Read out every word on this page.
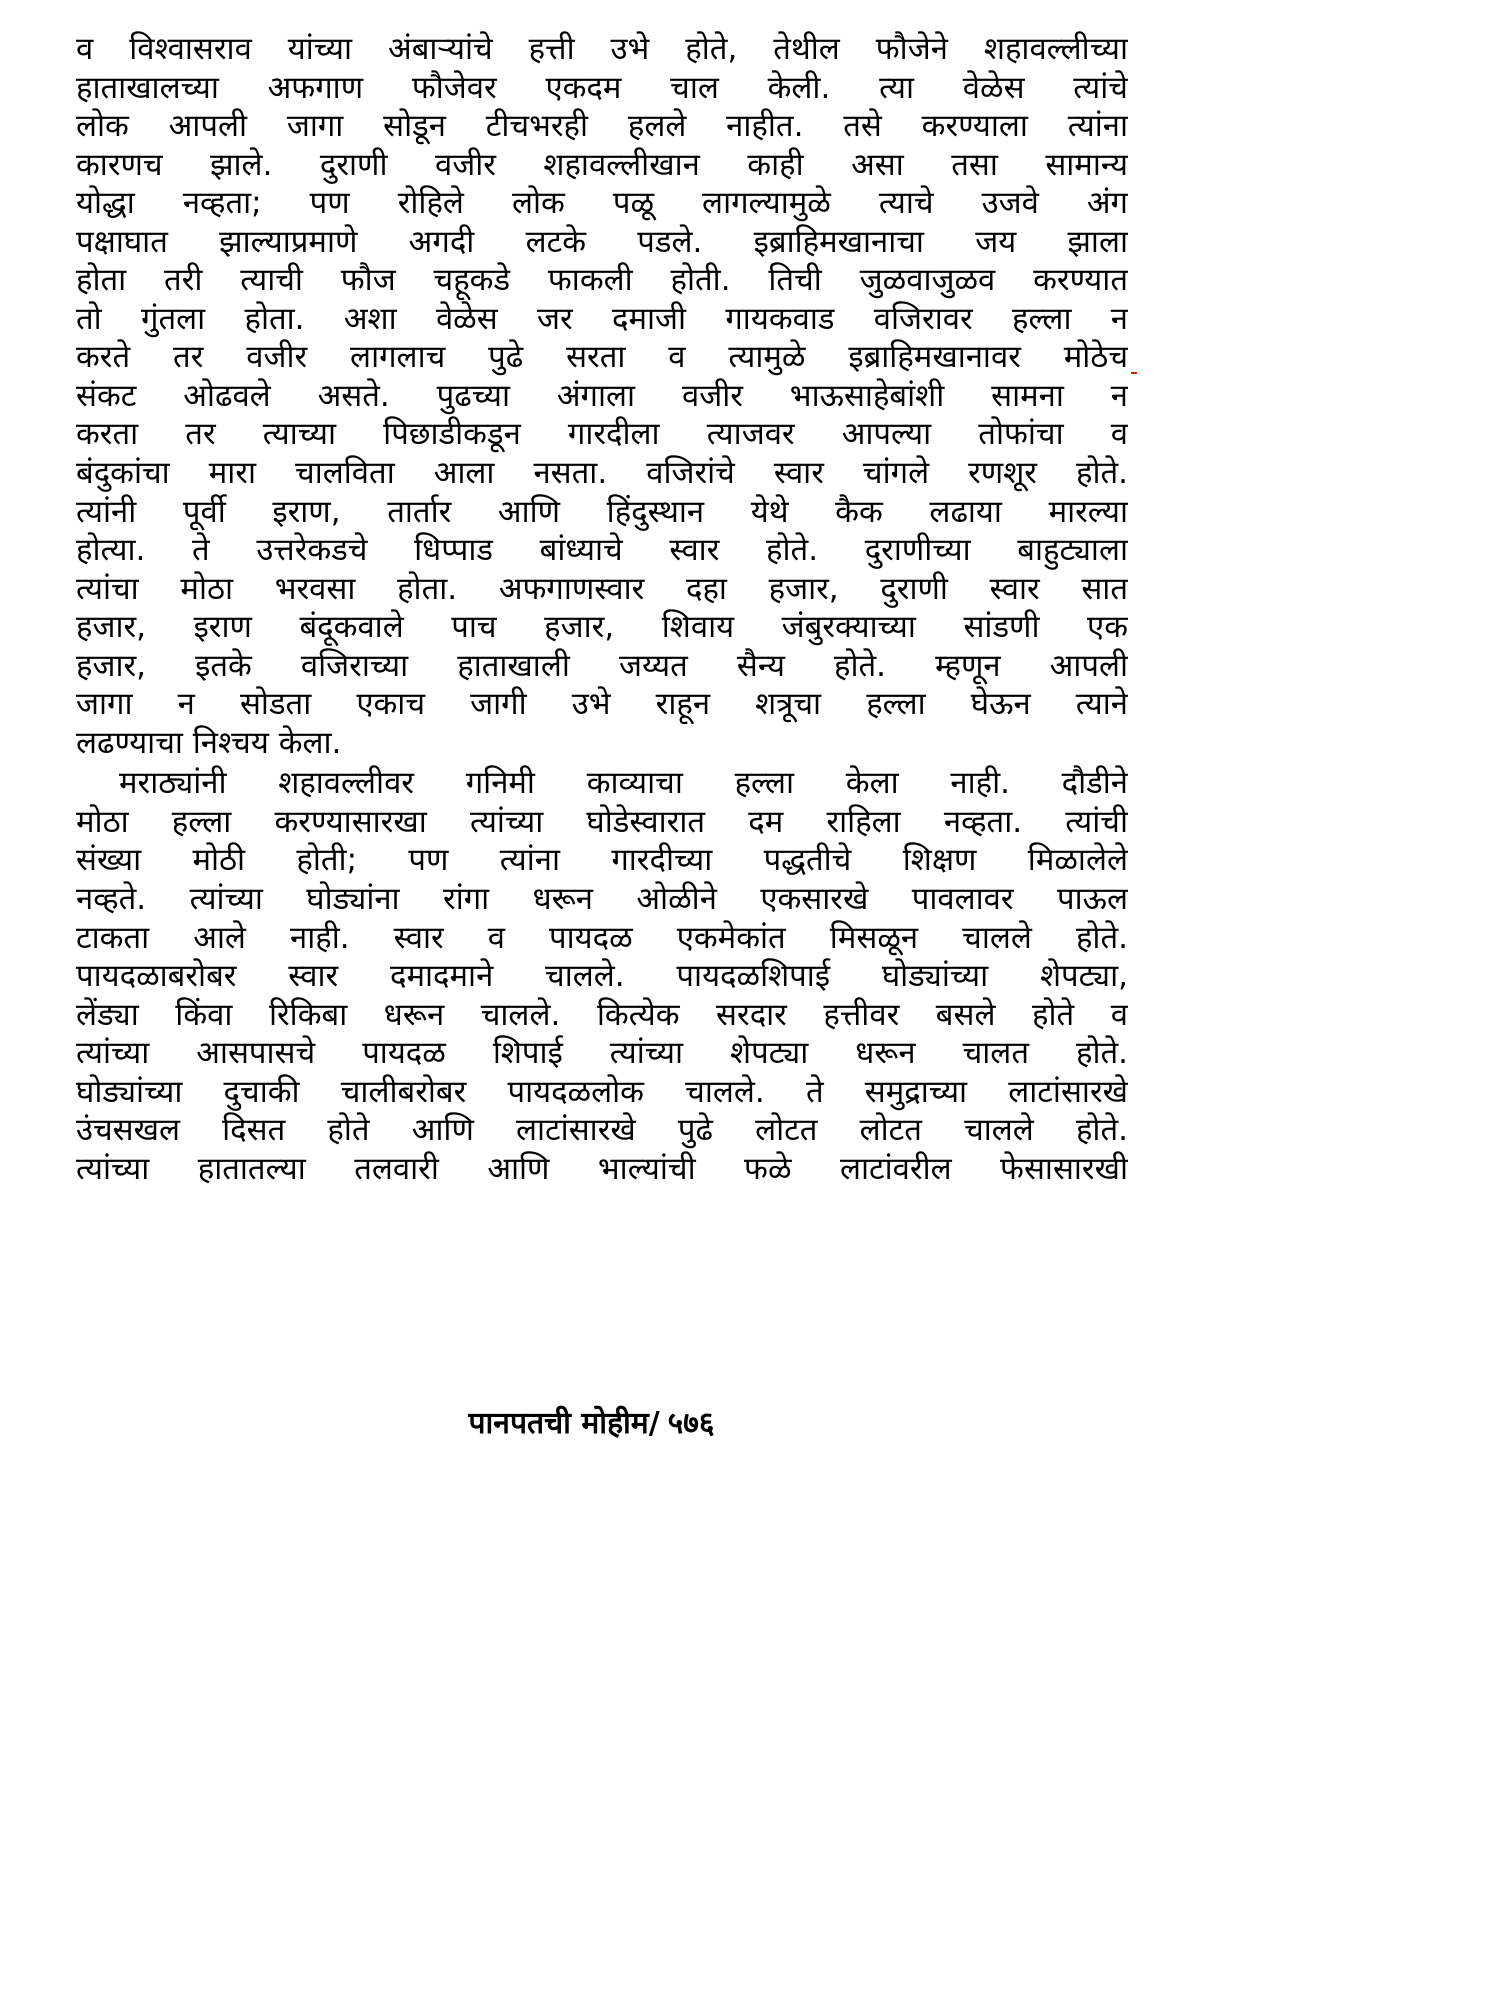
व विश्वासराव यांच्या अंबाऱ्यांचे हत्ती उभे होते, तेथील फौजेने शहावल्लीच्या
हाताखालच्या अफगाण फौजेवर एकदम चाल केली. त्या वेळेस त्यांचे
लोक आपली जागा सोडून टीचभरही हलले नाहीत. तसे करण्याला त्यांना
कारणच झाले. दुराणी वजीर शहावल्लीखान काही असा तसा सामान्य
योद्धा नव्हता; पण रोहिले लोक पळू लागल्यामुळे त्याचे उजवे अंग
पक्षाघात झाल्याप्रमाणे अगदी लटके पडले. इब्राहिमखानाचा जय झाला
होता तरी त्याची फौज चहूकडे फाकली होती. तिची जुळवाजुळव करण्यात
तो गुंतला होता. अशा वेळेस जर दमाजी गायकवाड वजिरावर हल्ला न
करते तर वजीर लागलाच पुढे सरता व त्यामुळे इब्राहिमखानावर मोठेच
संकट ओढवले असते. पुढच्या अंगाला वजीर भाऊसाहेबांशी सामना न
करता तर त्याच्या पिछाडीकडून गारदीला त्याजवर आपल्या तोफांचा व
बंदुकांचा मारा चालविता आला नसता. वजिरांचे स्वार चांगले रणशूर होते.
त्यांनी पूर्वी इराण, तार्तार आणि हिंदुस्थान येथे कैक लढाया मारल्या
होत्या. ते उत्तरेकडचे धिप्पाड बांध्याचे स्वार होते. दुराणीच्या बाहुट्याला
त्यांचा मोठा भरवसा होता. अफगाणस्वार दहा हजार, दुराणी स्वार सात
हजार, इराण बंदूकवाले पाच हजार, शिवाय जंबुरक्याच्या सांडणी एक
हजार, इतके वजिराच्या हाताखाली जय्यत सैन्य होते. म्हणून आपली
जागा न सोडता एकाच जागी उभे राहून शत्रूचा हल्ला घेऊन त्याने
लढण्याचा निश्चय केला.
मराठ्यांनी शहावल्लीवर गनिमी काव्याचा हल्ला केला नाही. दौडीने
मोठा हल्ला करण्यासारखा त्यांच्या घोडेस्वारात दम राहिला नव्हता. त्यांची
संख्या मोठी होती; पण त्यांना गारदीच्या पद्धतीचे शिक्षण मिळालेले
नव्हते. त्यांच्या घोड्यांना रांगा धरून ओळीने एकसारखे पावलावर पाऊल
टाकता आले नाही. स्वार व पायदळ एकमेकांत मिसळून चालले होते.
पायदळाबरोबर स्वार दमादमाने चालले. पायदळशिपाई घोड्यांच्या शेपट्या,
लेंड्या किंवा रिकिबा धरून चालले. कित्येक सरदार हत्तीवर बसले होते व
त्यांच्या आसपासचे पायदळ शिपाई त्यांच्या शेपट्या धरून चालत होते.
घोड्यांच्या दुचाकी चालीबरोबर पायदळलोक चालले. ते समुद्राच्या लाटांसारखे
उंचसखल दिसत होते आणि लाटांसारखे पुढे लोटत लोटत चालले होते.
त्यांच्या हातातल्या तलवारी आणि भाल्यांची फळे लाटांवरील फेसासारखी
पानपतची मोहीम/ ५७६
